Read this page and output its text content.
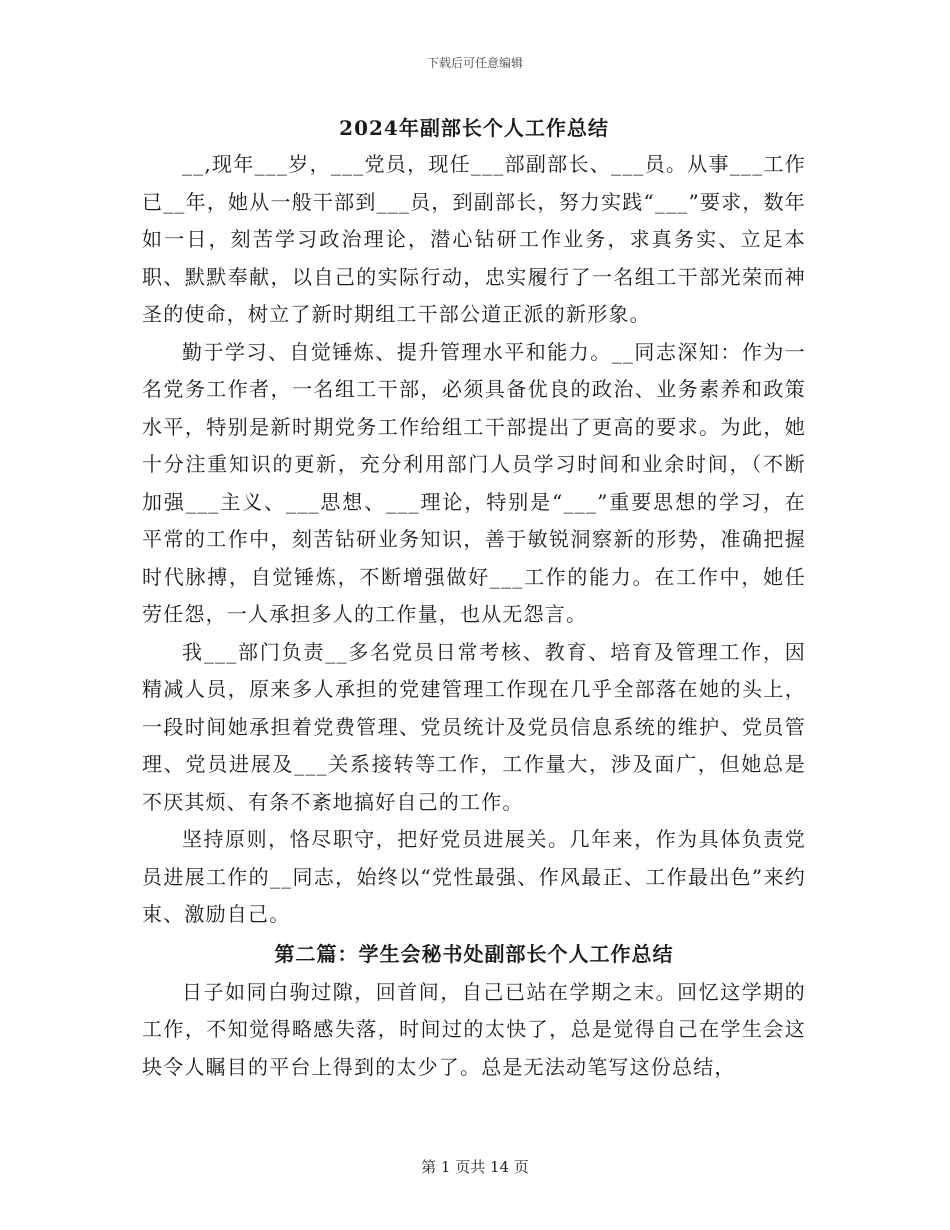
下载后可任意编辑
2024年副部长个人工作总结

__,现年___岁，___党员，现任___部副部长、___员。从事___工作已__年，她从一般干部到___员，到副部长，努力实践“___”要求，数年如一日，刻苦学习政治理论，潜心钻研工作业务，求真务实、立足本职、默默奉献，以自己的实际行动，忠实履行了一名组工干部光荣而神圣的使命，树立了新时期组工干部公道正派的新形象。

勤于学习、自觉锤炼、提升管理水平和能力。__同志深知：作为一名党务工作者，一名组工干部，必须具备优良的政治、业务素养和政策水平，特别是新时期党务工作给组工干部提出了更高的要求。为此，她十分注重知识的更新，充分利用部门人员学习时间和业余时间，（不断加强___主义、___思想、___理论，特别是“___”重要思想的学习，在平常的工作中，刻苦钻研业务知识，善于敏锐洞察新的形势，准确把握时代脉搏，自觉锤炼，不断增强做好___工作的能力。在工作中，她任劳任怨，一人承担多人的工作量，也从无怨言。

我___部门负责__多名党员日常考核、教育、培育及管理工作，因精减人员，原来多人承担的党建管理工作现在几乎全部落在她的头上，一段时间她承担着党费管理、党员统计及党员信息系统的维护、党员管理、党员进展及___关系接转等工作，工作量大，涉及面广，但她总是不厌其烦、有条不紊地搞好自己的工作。

坚持原则，恪尽职守，把好党员进展关。几年来，作为具体负责党员进展工作的__同志，始终以“党性最强、作风最正、工作最出色”来约束、激励自己。

第二篇：学生会秘书处副部长个人工作总结

日子如同白驹过隙，回首间，自己已站在学期之末。回忆这学期的工作，不知觉得略感失落，时间过的太快了，总是觉得自己在学生会这块令人瞩目的平台上得到的太少了。总是无法动笔写这份总结，

第 1 页共 14 页
